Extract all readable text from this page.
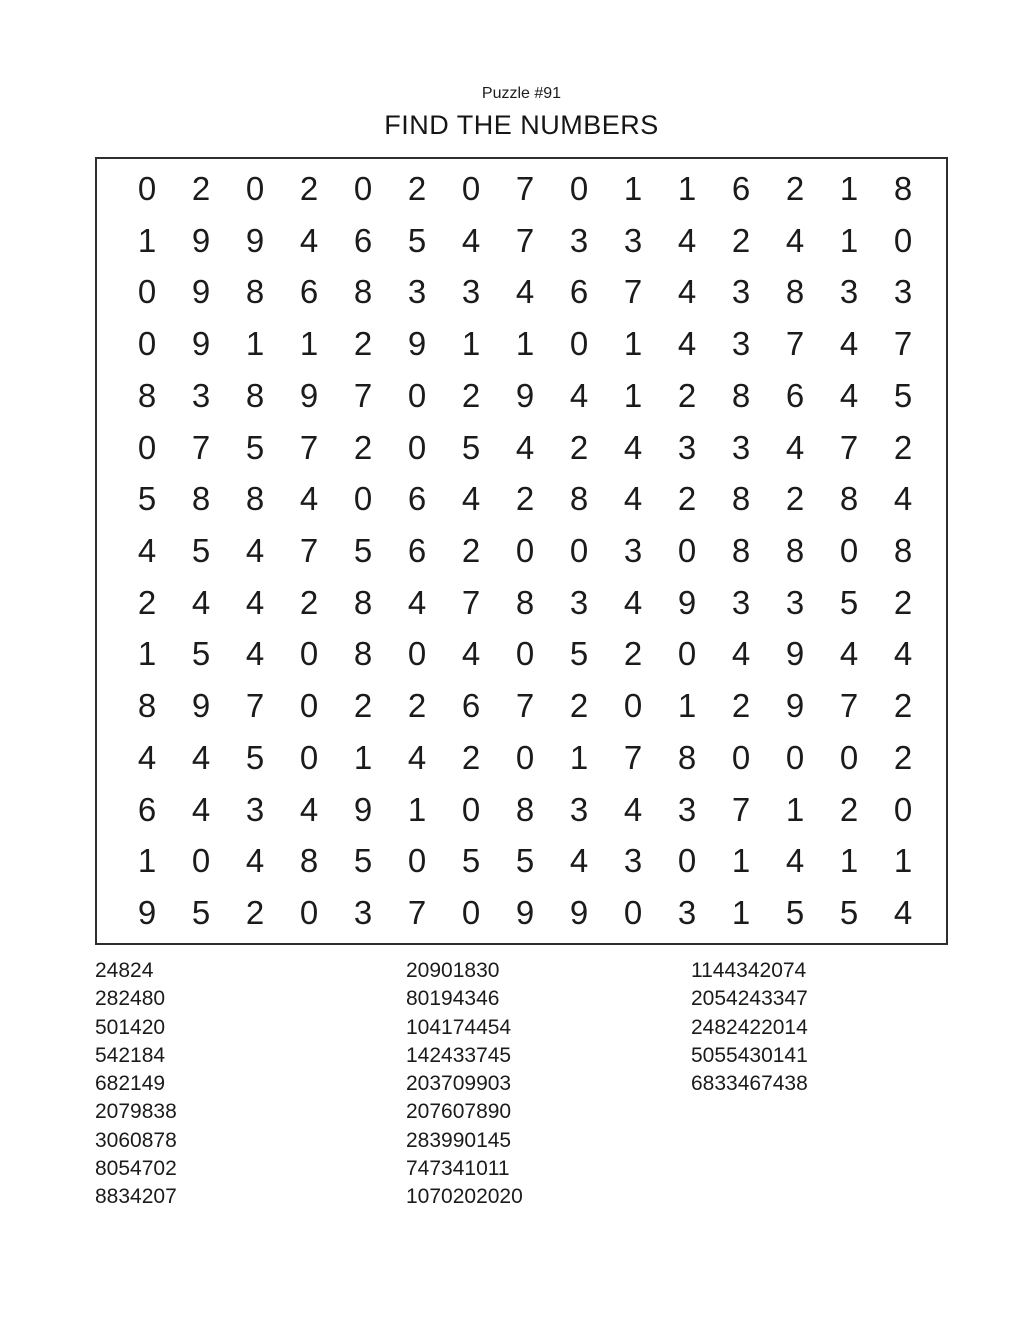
Puzzle #91
FIND THE NUMBERS
0	2	0	2	0	2	0	7	0	1	1	6	2	1	8
1	9	9	4	6	5	4	7	3	3	4	2	4	1	0
0	9	8	6	8	3	3	4	6	7	4	3	8	3	3
0	9	1	1	2	9	1	1	0	1	4	3	7	4	7
8	3	8	9	7	0	2	9	4	1	2	8	6	4	5
0	7	5	7	2	0	5	4	2	4	3	3	4	7	2
5	8	8	4	0	6	4	2	8	4	2	8	2	8	4
4	5	4	7	5	6	2	0	0	3	0	8	8	0	8
2	4	4	2	8	4	7	8	3	4	9	3	3	5	2
1	5	4	0	8	0	4	0	5	2	0	4	9	4	4
8	9	7	0	2	2	6	7	2	0	1	2	9	7	2
4	4	5	0	1	4	2	0	1	7	8	0	0	0	2
6	4	3	4	9	1	0	8	3	4	3	7	1	2	0
1	0	4	8	5	0	5	5	4	3	0	1	4	1	1
9	5	2	0	3	7	0	9	9	0	3	1	5	5	4
24824
282480
501420
542184
682149
2079838
3060878
8054702
8834207
20901830
80194346
104174454
142433745
203709903
207607890
283990145
747341011
1070202020
1144342074
2054243347
2482422014
5055430141
6833467438
